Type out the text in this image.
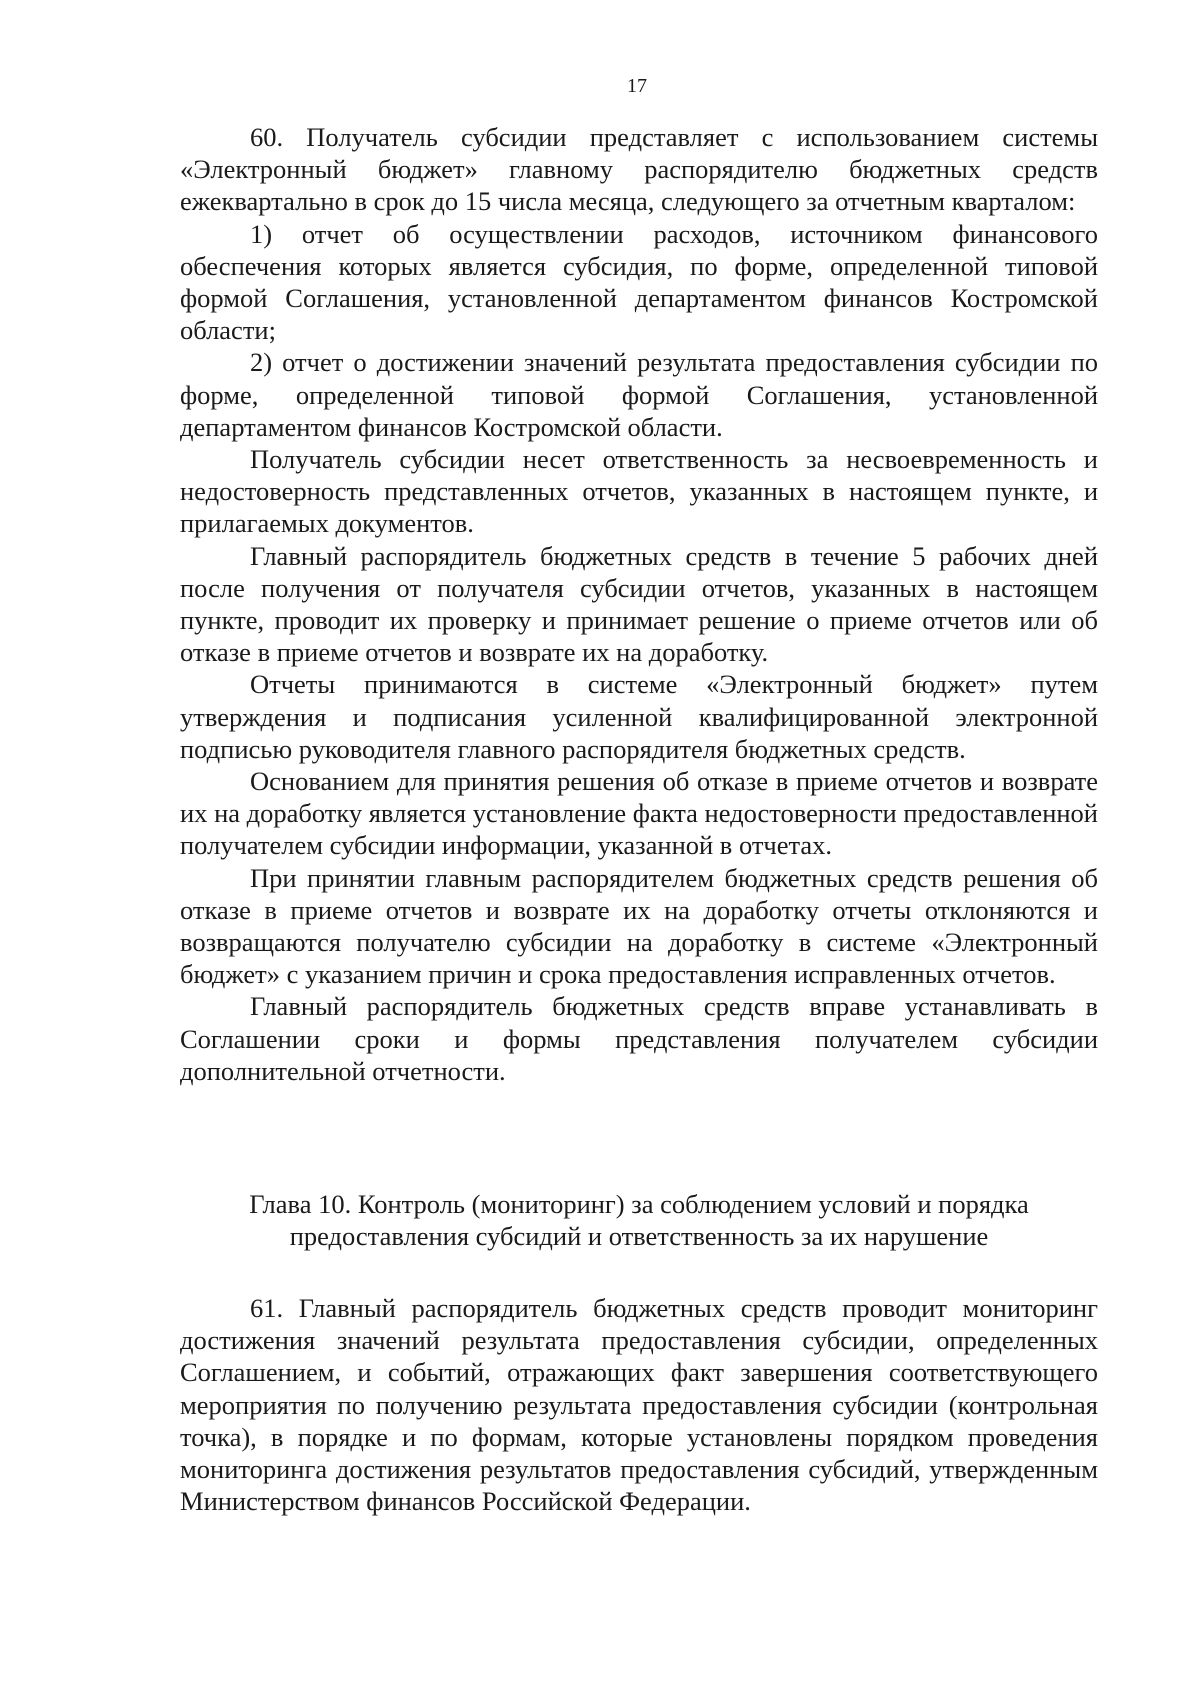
17

60. Получатель субсидии представляет с использованием системы «Электронный бюджет» главному распорядителю бюджетных средств ежеквартально в срок до 15 числа месяца, следующего за отчетным кварталом:

1) отчет об осуществлении расходов, источником финансового обеспечения которых является субсидия, по форме, определенной типовой формой Соглашения, установленной департаментом финансов Костромской области;

2) отчет о достижении значений результата предоставления субсидии по форме, определенной типовой формой Соглашения, установленной департаментом финансов Костромской области.

Получатель субсидии несет ответственность за несвоевременность и недостоверность представленных отчетов, указанных в настоящем пункте, и прилагаемых документов.

Главный распорядитель бюджетных средств в течение 5 рабочих дней после получения от получателя субсидии отчетов, указанных в настоящем пункте, проводит их проверку и принимает решение о приеме отчетов или об отказе в приеме отчетов и возврате их на доработку.

Отчеты принимаются в системе «Электронный бюджет» путем утверждения и подписания усиленной квалифицированной электронной подписью руководителя главного распорядителя бюджетных средств.

Основанием для принятия решения об отказе в приеме отчетов и возврате их на доработку является установление факта недостоверности предоставленной получателем субсидии информации, указанной в отчетах.

При принятии главным распорядителем бюджетных средств решения об отказе в приеме отчетов и возврате их на доработку отчеты отклоняются и возвращаются получателю субсидии на доработку в системе «Электронный бюджет» с указанием причин и срока предоставления исправленных отчетов.

Главный распорядитель бюджетных средств вправе устанавливать в Соглашении сроки и формы представления получателем субсидии дополнительной отчетности.

Глава 10. Контроль (мониторинг) за соблюдением условий и порядка

предоставления субсидий и ответственность за их нарушение

61. Главный распорядитель бюджетных средств проводит мониторинг достижения значений результата предоставления субсидии, определенных Соглашением, и событий, отражающих факт завершения соответствующего мероприятия по получению результата предоставления субсидии (контрольная точка), в порядке и по формам, которые установлены порядком проведения мониторинга достижения результатов предоставления субсидий, утвержденным Министерством финансов Российской Федерации.
